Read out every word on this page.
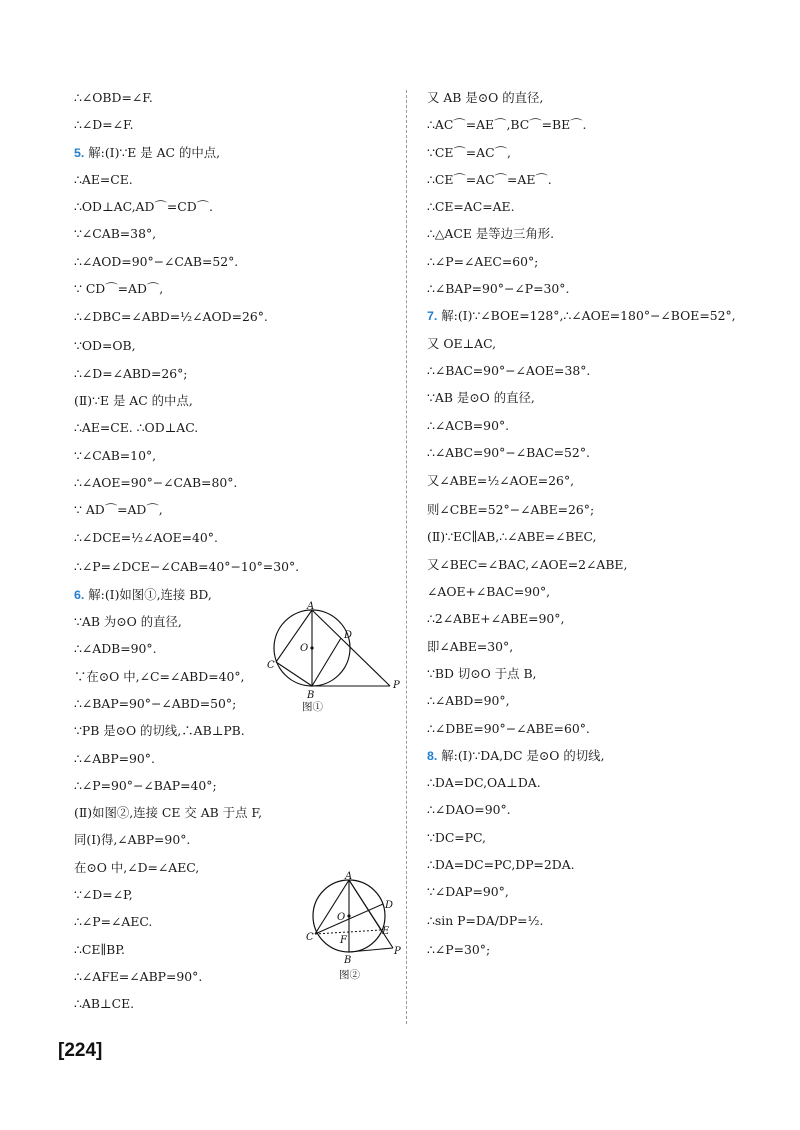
∴∠OBD=∠F.
∴∠D=∠F.
5. 解:(Ⅰ)∵E 是 AC 的中点,
∴AE=CE.
∴OD⊥AC,AD⌒=CD⌒.
∵∠CAB=38°,
∴∠AOD=90°−∠CAB=52°.
∵ CD⌒=AD⌒,
∴∠DBC=∠ABD=½∠AOD=26°.
∵OD=OB,
∴∠D=∠ABD=26°;
(Ⅱ)∵E 是 AC 的中点,
∴AE=CE. ∴OD⊥AC.
∵∠CAB=10°,
∴∠AOE=90°−∠CAB=80°.
∵ AD⌒=AD⌒,
∴∠DCE=½∠AOE=40°.
∴∠P=∠DCE−∠CAB=40°−10°=30°.
6. 解:(Ⅰ)如图①,连接 BD,
∵AB 为⊙O 的直径,
∴∠ADB=90°.
∵在⊙O 中,∠C=∠ABD=40°,
∴∠BAP=90°−∠ABD=50°;
∵PB 是⊙O 的切线,∴AB⊥PB.
∴∠ABP=90°.
∴∠P=90°−∠BAP=40°;
(Ⅱ)如图②,连接 CE 交 AB 于点 F,
同(Ⅰ)得,∠ABP=90°.
在⊙O 中,∠D=∠AEC,
∵∠D=∠P,
∴∠P=∠AEC.
∴CE∥BP.
∴∠AFE=∠ABP=90°.
∴AB⊥CE.
又 AB 是⊙O 的直径,
∴AC⌒=AE⌒,BC⌒=BE⌒.
∵CE⌒=AC⌒,
∴CE⌒=AC⌒=AE⌒.
∴CE=AC=AE.
∴△ACE 是等边三角形.
∴∠P=∠AEC=60°;
∴∠BAP=90°−∠P=30°.
7. 解:(Ⅰ)∵∠BOE=128°,∴∠AOE=180°−∠BOE=52°,
又 OE⊥AC,
∴∠BAC=90°−∠AOE=38°.
∵AB 是⊙O 的直径,
∴∠ACB=90°.
∴∠ABC=90°−∠BAC=52°.
又∠ABE=½∠AOE=26°,
则∠CBE=52°−∠ABE=26°;
(Ⅱ)∵EC∥AB,∴∠ABE=∠BEC,
又∠BEC=∠BAC,∠AOE=2∠ABE,
∠AOE+∠BAC=90°,
∴2∠ABE+∠ABE=90°,
即∠ABE=30°,
∵BD 切⊙O 于点 B,
∴∠ABD=90°,
∴∠DBE=90°−∠ABE=60°.
8. 解:(Ⅰ)∵DA,DC 是⊙O 的切线,
∴DA=DC,OA⊥DA.
∴∠DAO=90°.
∵DC=PC,
∴DA=DC=PC,DP=2DA.
∵∠DAP=90°,
∴sin P=DA/DP=½.
∴∠P=30°;
A
D
O
C
B
P
图①
A
D
O
E
C	F
P
B
图②
[224]
